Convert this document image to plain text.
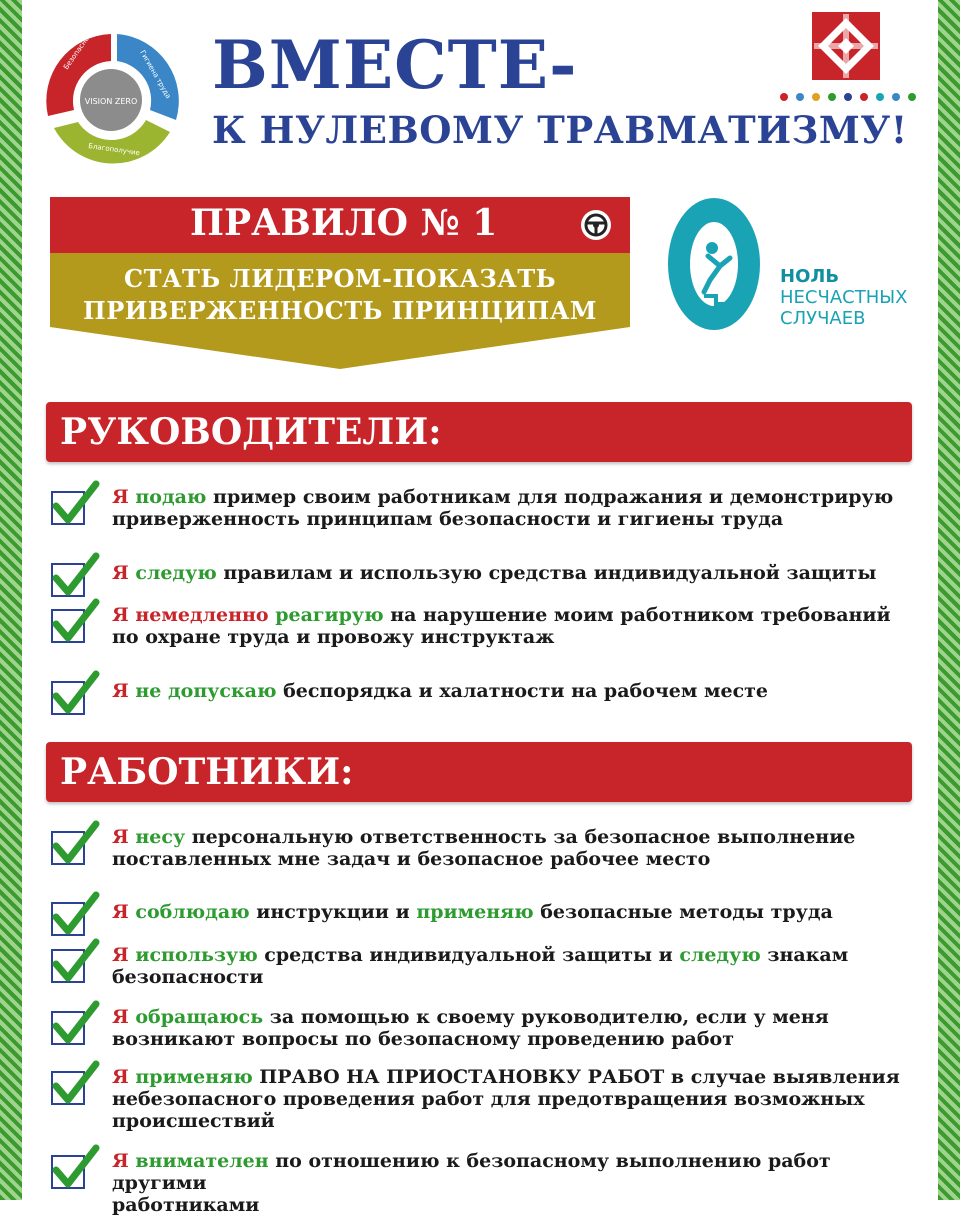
VISION ZERO
Безопасность
Гигиена труда
Благополучие
ВМЕСТЕ-
К НУЛЕВОМУ ТРАВМАТИЗМУ!
ПРАВИЛО № 1
СТАТЬ ЛИДЕРОМ-ПОКАЗАТЬ
ПРИВЕРЖЕННОСТЬ ПРИНЦИПАМ
НОЛЬ
НЕСЧАСТНЫХ
СЛУЧАЕВ
РУКОВОДИТЕЛИ:
Я подаю пример своим работникам для подражания и демонстрирую
приверженность принципам безопасности и гигиены труда
Я следую правилам и использую средства индивидуальной защиты
Я немедленно реагирую на нарушение моим работником требований
по охране труда и провожу инструктаж
Я не допускаю беспорядка и халатности на рабочем месте
РАБОТНИКИ:
Я несу персональную ответственность за безопасное выполнение
поставленных мне задач и безопасное рабочее место
Я соблюдаю инструкции и применяю безопасные методы труда
Я использую средства индивидуальной защиты и следую знакам
безопасности
Я обращаюсь за помощью к своему руководителю, если у меня
возникают вопросы по безопасному проведению работ
Я применяю ПРАВО НА ПРИОСТАНОВКУ РАБОТ в случае выявления
небезопасного проведения работ для предотвращения возможных
происшествий
Я внимателен по отношению к безопасному выполнению работ другими
работниками
